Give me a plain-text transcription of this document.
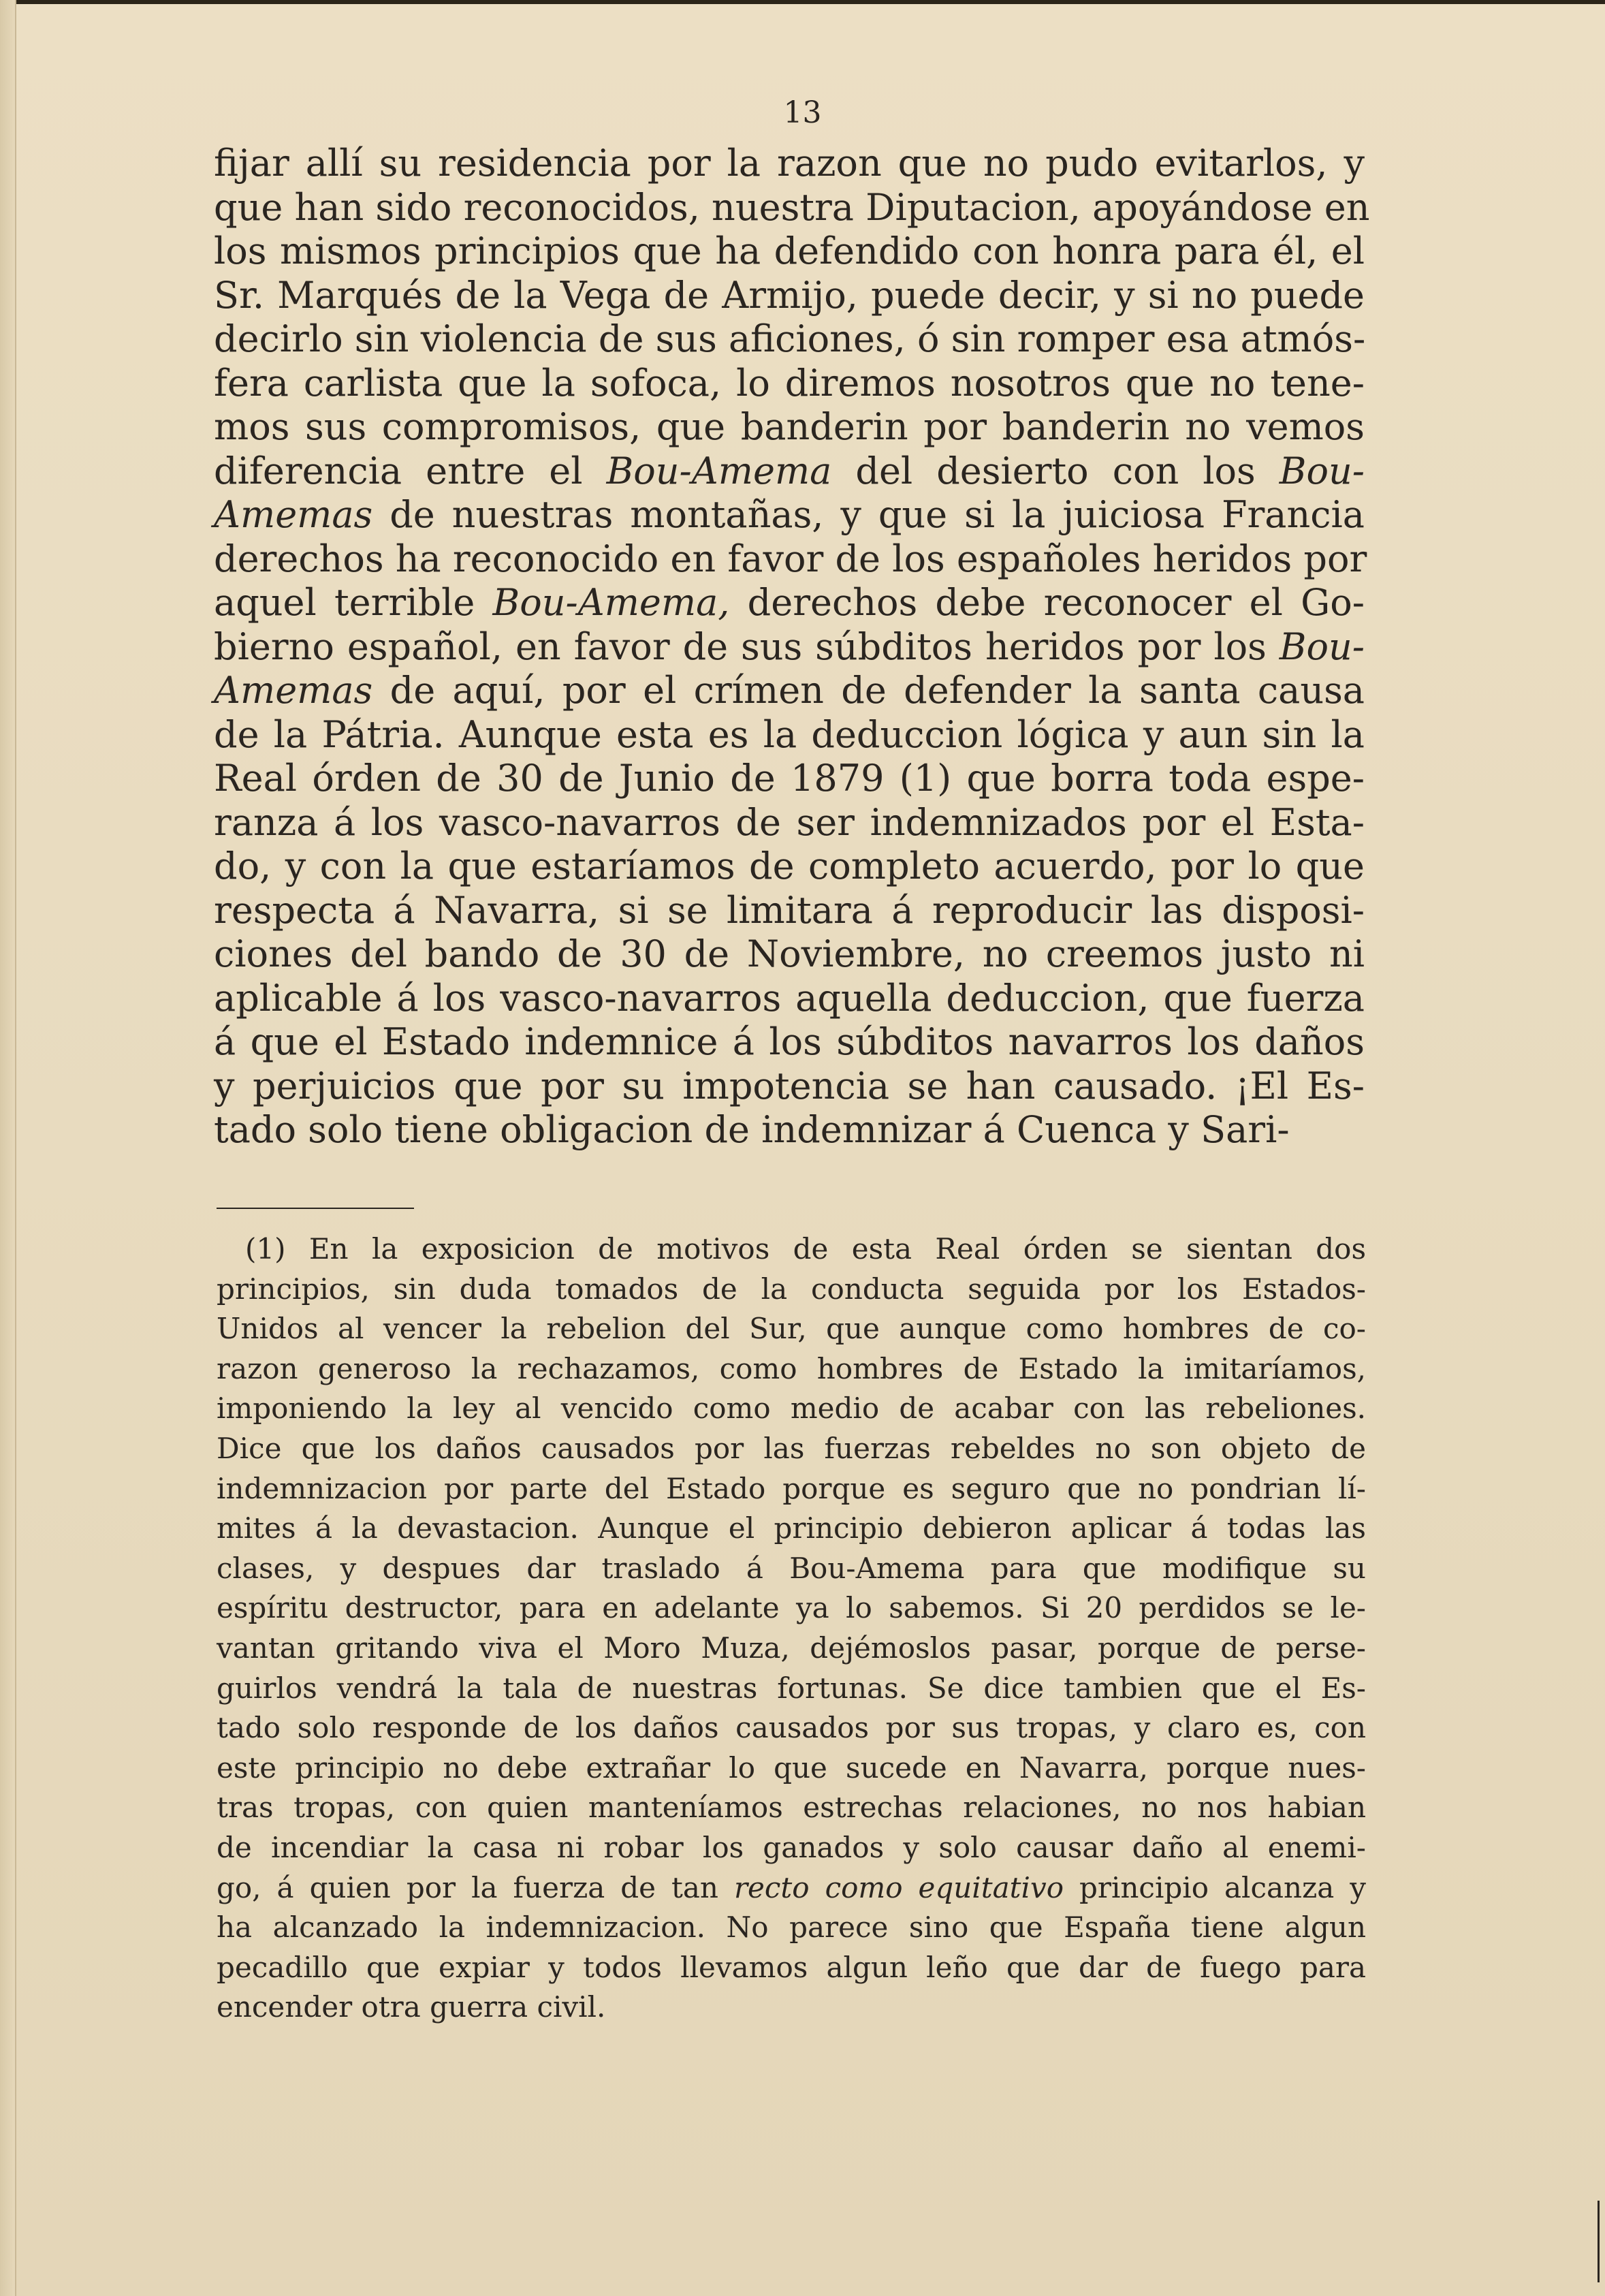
13
fijar allí su residencia por la razon que no pudo evitarlos, y
que han sido reconocidos, nuestra Diputacion, apoyándose en
los mismos principios que ha defendido con honra para él, el
Sr. Marqués de la Vega de Armijo, puede decir, y si no puede
decirlo sin violencia de sus aficiones, ó sin romper esa atmós-
fera carlista que la sofoca, lo diremos nosotros que no tene-
mos sus compromisos, que banderin por banderin no vemos
diferencia entre el Bou-Amema del desierto con los Bou-
Amemas de nuestras montañas, y que si la juiciosa Francia
derechos ha reconocido en favor de los españoles heridos por
aquel terrible Bou-Amema, derechos debe reconocer el Go-
bierno español, en favor de sus súbditos heridos por los Bou-
Amemas de aquí, por el crímen de defender la santa causa
de la Pátria. Aunque esta es la deduccion lógica y aun sin la
Real órden de 30 de Junio de 1879 (1) que borra toda espe-
ranza á los vasco-navarros de ser indemnizados por el Esta-
do, y con la que estaríamos de completo acuerdo, por lo que
respecta á Navarra, si se limitara á reproducir las disposi-
ciones del bando de 30 de Noviembre, no creemos justo ni
aplicable á los vasco-navarros aquella deduccion, que fuerza
á que el Estado indemnice á los súbditos navarros los daños
y perjuicios que por su impotencia se han causado. ¡El Es-
tado solo tiene obligacion de indemnizar á Cuenca y Sari-
(1) En la exposicion de motivos de esta Real órden se sientan dos
principios, sin duda tomados de la conducta seguida por los Estados-
Unidos al vencer la rebelion del Sur, que aunque como hombres de co-
razon generoso la rechazamos, como hombres de Estado la imitaríamos,
imponiendo la ley al vencido como medio de acabar con las rebeliones.
Dice que los daños causados por las fuerzas rebeldes no son objeto de
indemnizacion por parte del Estado porque es seguro que no pondrian lí-
mites á la devastacion. Aunque el principio debieron aplicar á todas las
clases, y despues dar traslado á Bou-Amema para que modifique su
espíritu destructor, para en adelante ya lo sabemos. Si 20 perdidos se le-
vantan gritando viva el Moro Muza, dejémoslos pasar, porque de perse-
guirlos vendrá la tala de nuestras fortunas. Se dice tambien que el Es-
tado solo responde de los daños causados por sus tropas, y claro es, con
este principio no debe extrañar lo que sucede en Navarra, porque nues-
tras tropas, con quien manteníamos estrechas relaciones, no nos habian
de incendiar la casa ni robar los ganados y solo causar daño al enemi-
go, á quien por la fuerza de tan recto como equitativo principio alcanza y
ha alcanzado la indemnizacion. No parece sino que España tiene algun
pecadillo que expiar y todos llevamos algun leño que dar de fuego para
encender otra guerra civil.
